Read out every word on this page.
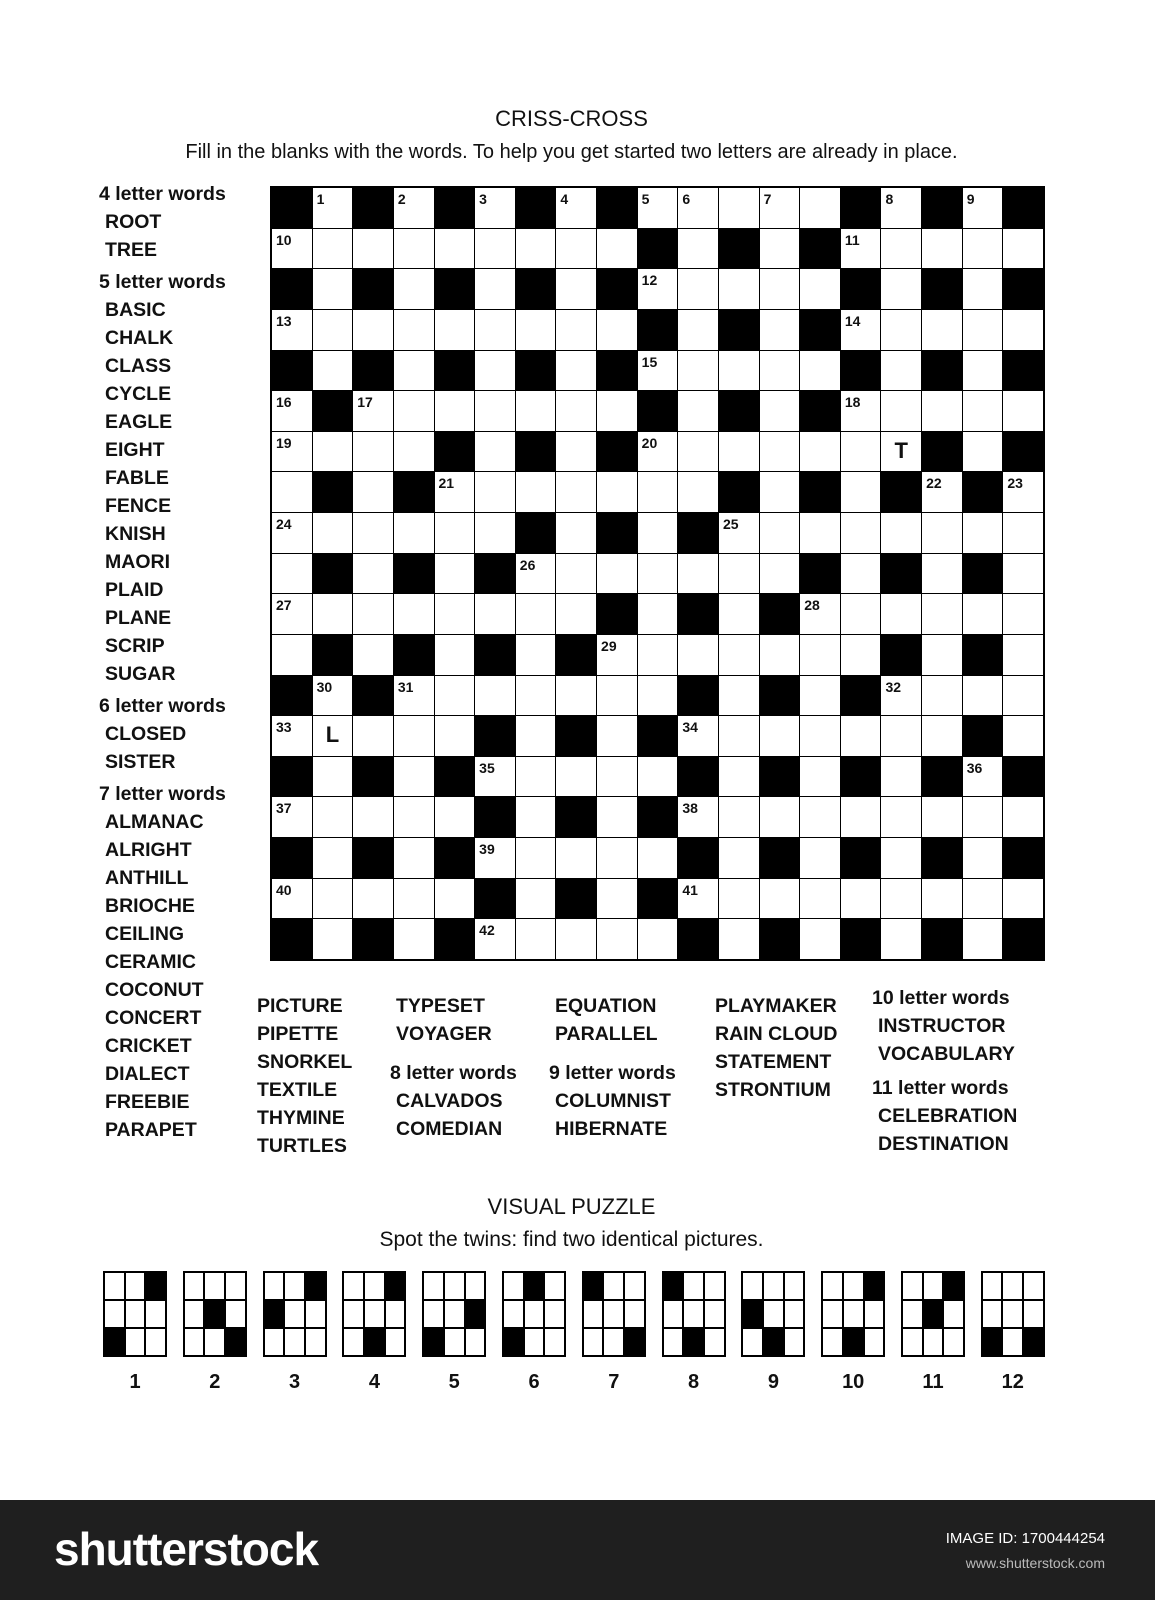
CRISS-CROSS
Fill in the blanks with the words. To help you get started two letters are already in place.
4 letter words
ROOT
TREE
5 letter words
BASIC
CHALK
CLASS
CYCLE
EAGLE
EIGHT
FABLE
FENCE
KNISH
MAORI
PLAID
PLANE
SCRIP
SUGAR
6 letter words
CLOSED
SISTER
7 letter words
ALMANAC
ALRIGHT
ANTHILL
BRIOCHE
CEILING
CERAMIC
COCONUT
CONCERT
CRICKET
DIALECT
FREEBIE
PARAPET
PICTURE
PIPETTE
SNORKEL
TEXTILE
THYMINE
TURTLES
TYPESET
VOYAGER
8 letter words
CALVADOS
COMEDIAN
EQUATION
PARALLEL
9 letter words
COLUMNIST
HIBERNATE
PLAYMAKER
RAIN CLOUD
STATEMENT
STRONTIUM
10 letter words
INSTRUCTOR
VOCABULARY
11 letter words
CELEBRATION
DESTINATION
1	2	3	4	5 6	7	8	9
10	11
12
13	14
15
16	17	18
19	20	T
21	22	23
24	25
26
27	28
29
30	31	32
33	L	34
35	36
37	38
39
40	41
42
VISUAL PUZZLE
Spot the twins: find two identical pictures.
1	2	3	4	5	6	7	8	9	10	11	12
shutterstock	IMAGE ID: 1700444254
www.shutterstock.com
